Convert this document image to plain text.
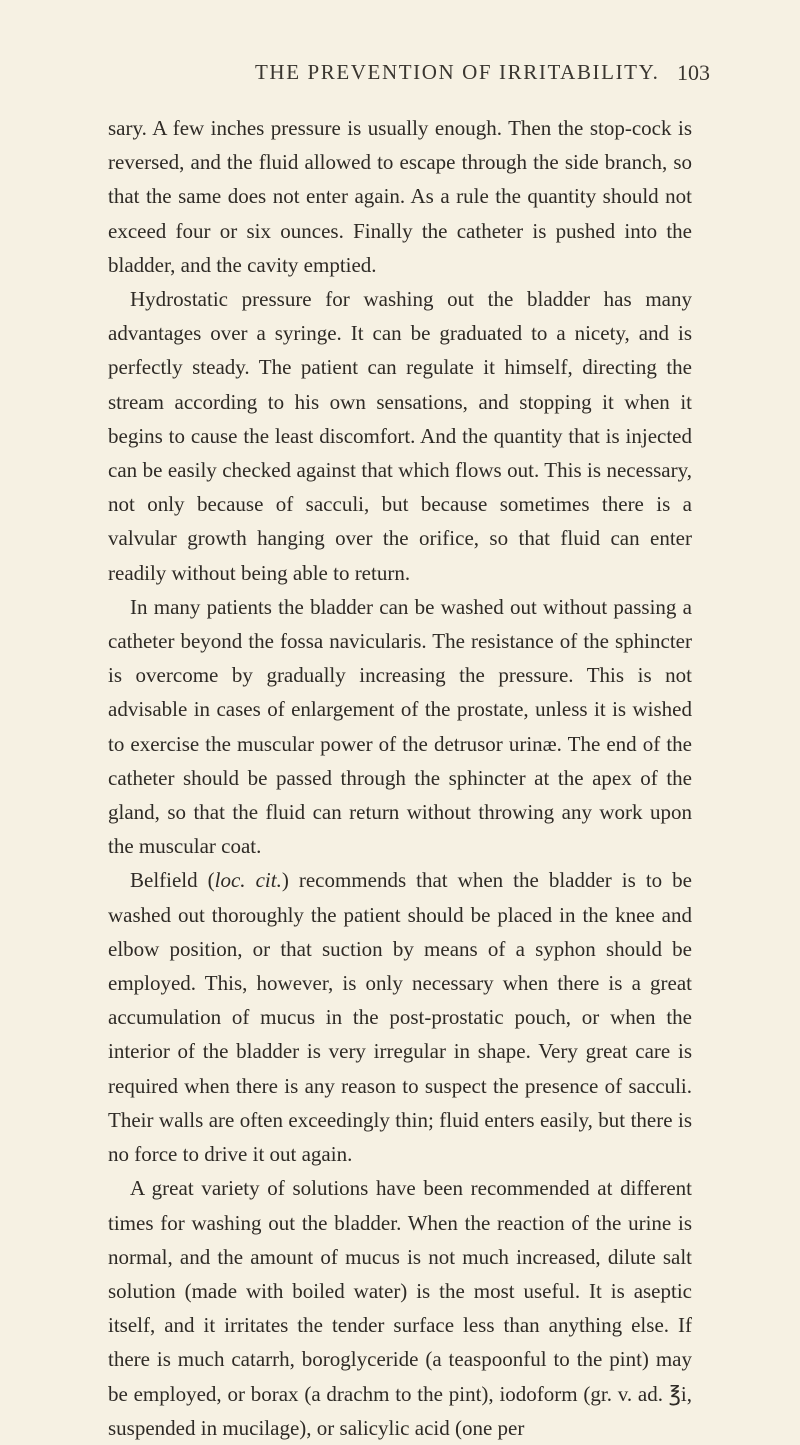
THE PREVENTION OF IRRITABILITY. 103

sary. A few inches pressure is usually enough. Then the stop-cock is reversed, and the fluid allowed to escape through the side branch, so that the same does not enter again. As a rule the quantity should not exceed four or six ounces. Finally the catheter is pushed into the bladder, and the cavity emptied.

Hydrostatic pressure for washing out the bladder has many advantages over a syringe. It can be graduated to a nicety, and is perfectly steady. The patient can regulate it himself, directing the stream according to his own sensations, and stopping it when it begins to cause the least discomfort. And the quantity that is injected can be easily checked against that which flows out. This is necessary, not only because of sacculi, but because sometimes there is a valvular growth hanging over the orifice, so that fluid can enter readily without being able to return.

In many patients the bladder can be washed out without passing a catheter beyond the fossa navicularis. The resistance of the sphincter is overcome by gradually increasing the pressure. This is not advisable in cases of enlargement of the prostate, unless it is wished to exercise the muscular power of the detrusor urinæ. The end of the catheter should be passed through the sphincter at the apex of the gland, so that the fluid can return without throwing any work upon the muscular coat.

Belfield (loc. cit.) recommends that when the bladder is to be washed out thoroughly the patient should be placed in the knee and elbow position, or that suction by means of a syphon should be employed. This, however, is only necessary when there is a great accumulation of mucus in the post-prostatic pouch, or when the interior of the bladder is very irregular in shape. Very great care is required when there is any reason to suspect the presence of sacculi. Their walls are often exceedingly thin; fluid enters easily, but there is no force to drive it out again.

A great variety of solutions have been recommended at different times for washing out the bladder. When the reaction of the urine is normal, and the amount of mucus is not much increased, dilute salt solution (made with boiled water) is the most useful. It is aseptic itself, and it irritates the tender surface less than anything else. If there is much catarrh, boroglyceride (a teaspoonful to the pint) may be employed, or borax (a drachm to the pint), iodoform (gr. v. ad. ℥i, suspended in mucilage), or salicylic acid (one per
